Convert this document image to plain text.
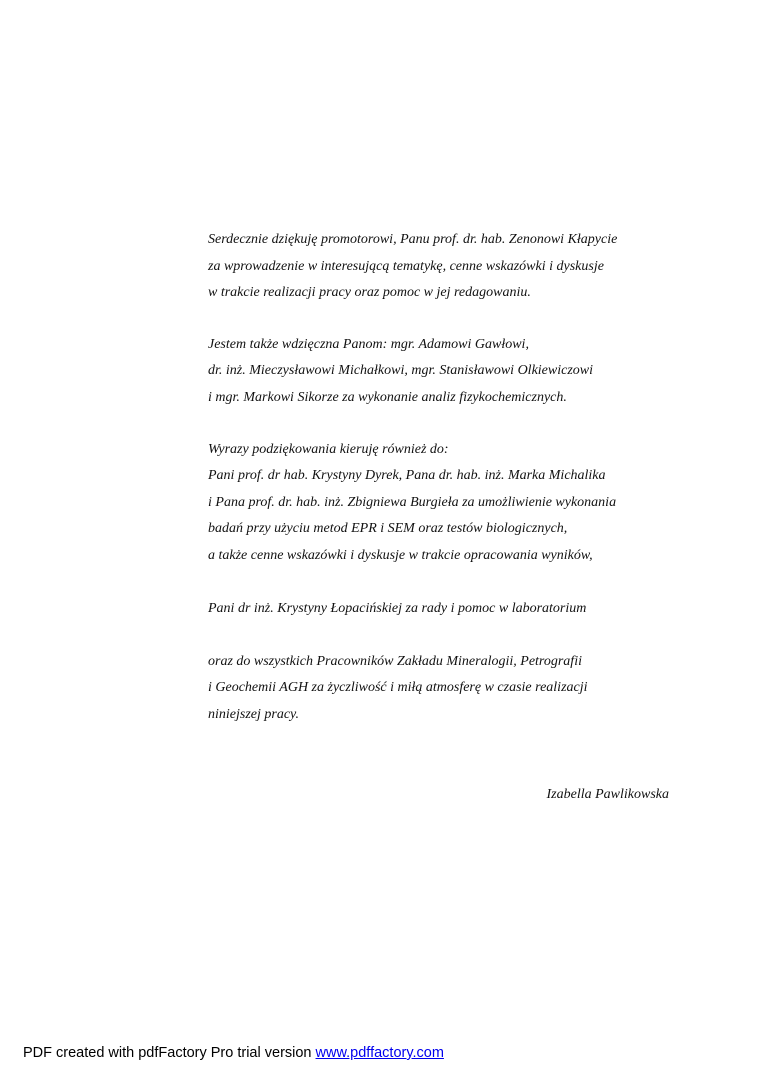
Serdecznie dziękuję promotorowi, Panu prof. dr. hab. Zenonowi Kłapycie

za wprowadzenie w interesującą tematykę, cenne wskazówki i dyskusje

w trakcie realizacji pracy oraz pomoc w jej redagowaniu.

Jestem także wdzięczna Panom: mgr. Adamowi Gawłowi,

dr. inż. Mieczysławowi Michałkowi, mgr. Stanisławowi Olkiewiczowi

i mgr. Markowi Sikorze za wykonanie analiz fizykochemicznych.

Wyrazy podziękowania kieruję również do:

Pani prof. dr hab. Krystyny Dyrek, Pana dr. hab. inż. Marka Michalika

i Pana prof. dr. hab. inż. Zbigniewa Burgieła za umożliwienie wykonania

badań przy użyciu metod EPR i SEM oraz testów biologicznych,

a także cenne wskazówki i dyskusje w trakcie opracowania wyników,

Pani dr inż. Krystyny Łopacińskiej za rady i pomoc w laboratorium

oraz do wszystkich Pracowników Zakładu Mineralogii, Petrografii

i Geochemii AGH za życzliwość i miłą atmosferę w czasie realizacji

niniejszej pracy.

Izabella Pawlikowska
PDF created with pdfFactory Pro trial version www.pdffactory.com
